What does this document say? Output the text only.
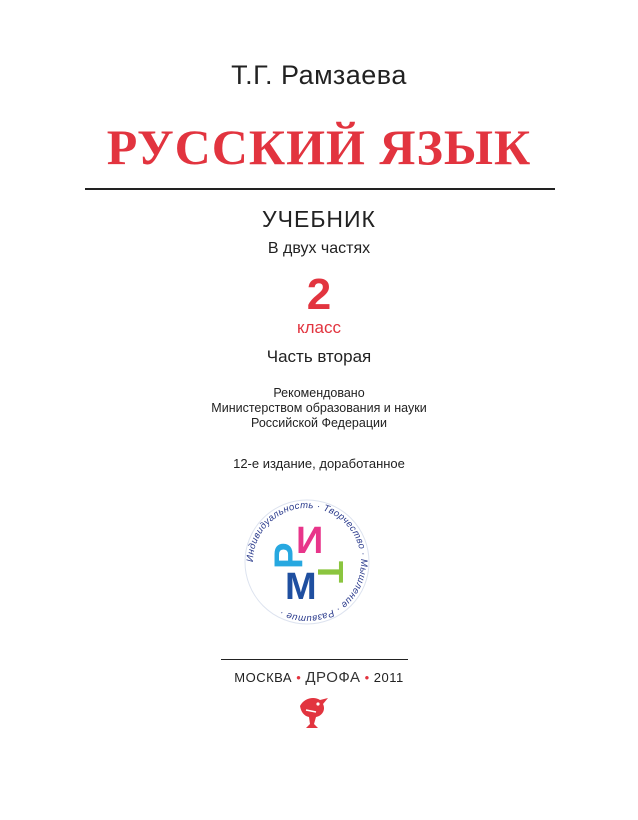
Т.Г. Рамзаева
РУССКИЙ ЯЗЫК
УЧЕБНИК
В двух частях
2
класс
Часть вторая
Рекомендовано
Министерством образования и науки
Российской Федерации
12-е издание, доработанное
Индивидуальность · Творчество · Мышление · Развитие ·
Р
И
Т
М
МОСКВА • ДРОФА • 2011
